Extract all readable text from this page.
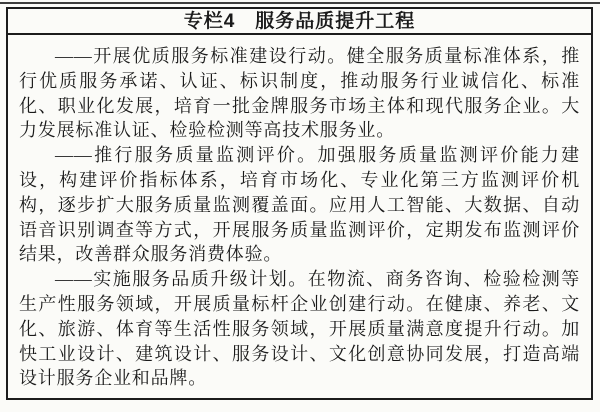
专栏4　服务品质提升工程

——开展优质服务标准建设行动。健全服务质量标准体系，推行优质服务承诺、认证、标识制度，推动服务行业诚信化、标准化、职业化发展，培育一批金牌服务市场主体和现代服务企业。大力发展标准认证、检验检测等高技术服务业。

——推行服务质量监测评价。加强服务质量监测评价能力建设，构建评价指标体系，培育市场化、专业化第三方监测评价机构，逐步扩大服务质量监测覆盖面。应用人工智能、大数据、自动语音识别调查等方式，开展服务质量监测评价，定期发布监测评价结果，改善群众服务消费体验。

——实施服务品质升级计划。在物流、商务咨询、检验检测等生产性服务领域，开展质量标杆企业创建行动。在健康、养老、文化、旅游、体育等生活性服务领域，开展质量满意度提升行动。加快工业设计、建筑设计、服务设计、文化创意协同发展，打造高端设计服务企业和品牌。
